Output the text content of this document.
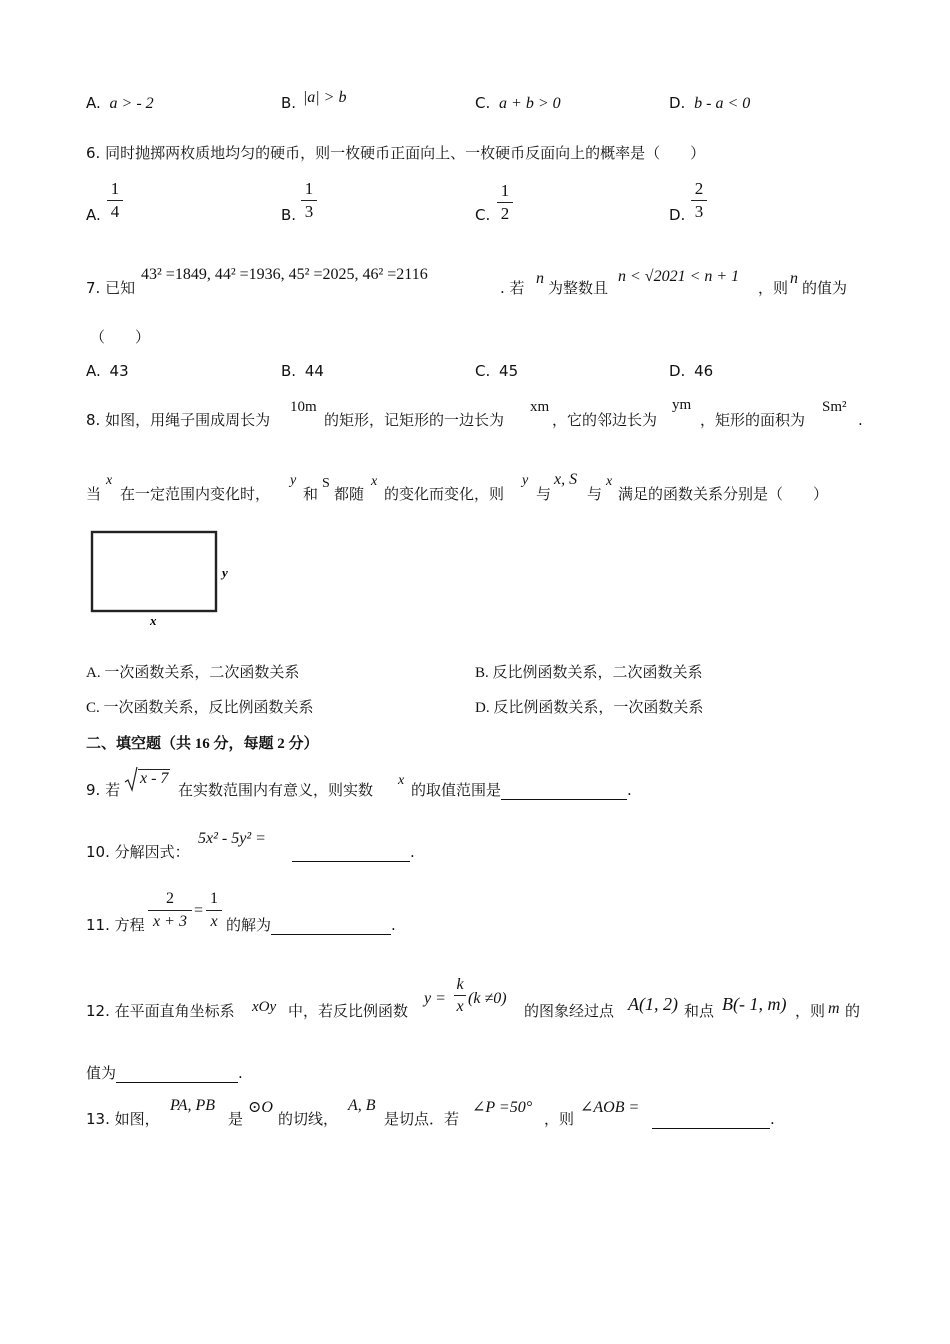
A. a > - 2	B. |a| > b	C. a + b > 0	D. b - a < 0
6. 同时抛掷两枚质地均匀的硬币，则一枚硬币正面向上、一枚硬币反面向上的概率是（　　）
A.
1
4	B.
1
3	C.
1
2	D.
2
3
7. 已知
43² =1849, 44² =1936, 45² =2025, 46² =2116
. 若
n
为整数且
n < √2021 < n + 1
，则
n
的值为
（　　）
A. 43	B. 44	C. 45	D. 46
8. 如图，用绳子围成周长为
10m
的矩形，记矩形的一边长为
xm
，它的邻边长为
ym
，矩形的面积为
Sm²
.
当
x
在一定范围内变化时，
y
和
S
都随
x
的变化而变化，则
y
与
x, S
与
x
满足的函数关系分别是（　　）
x
y
A. 一次函数关系，二次函数关系	B. 反比例函数关系，二次函数关系
C. 一次函数关系，反比例函数关系	D. 反比例函数关系，一次函数关系
二、填空题（共 16 分，每题 2 分）
9. 若
x - 7
在实数范围内有意义，则实数
x
的取值范围是	.
10. 分解因式：
5x² - 5y² =
.
11. 方程
2
x + 3
=
1
x 的解为	.
12. 在平面直角坐标系 xOy 中，若反比例函数
y =
k
x (k ≠0)
的图象经过点 A(1, 2) 和点 B(- 1, m) ，则 m 的
值为	.
13. 如图，
PA, PB
是
⊙O
的切线，
A, B
是切点．若
∠P =50°
，则
∠AOB =
.
